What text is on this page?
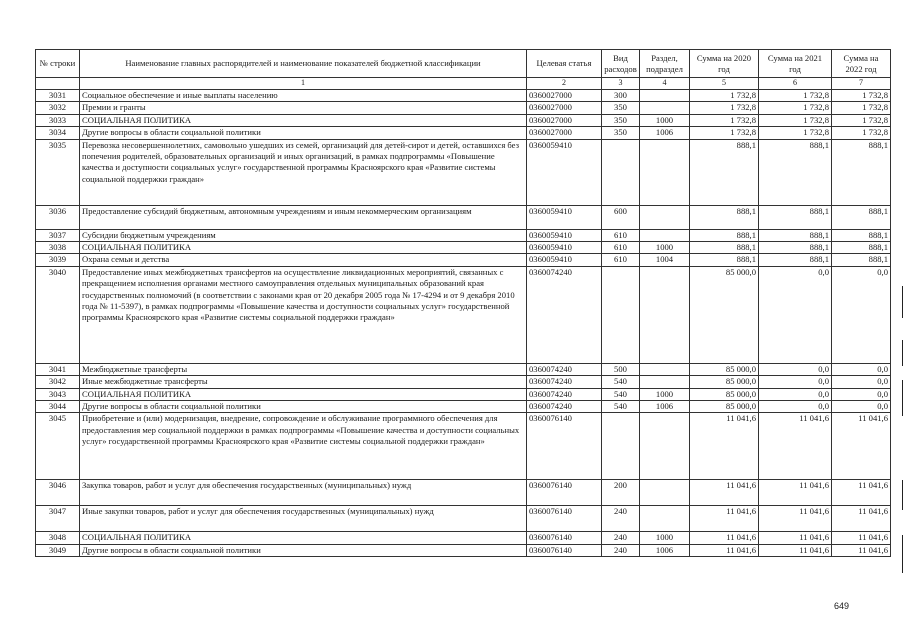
№ строки	Наименование главных распорядителей и наименование показателей бюджетной классификации	Целевая статья	Вид расходов	Раздел, подраздел	Сумма на 2020 год	Сумма на 2021 год	Сумма на 2022 год
	1	2	3	4	5	6	7
3031	Социальное обеспечение и иные выплаты населению	0360027000	300		1 732,8	1 732,8	1 732,8
3032	Премии и гранты	0360027000	350		1 732,8	1 732,8	1 732,8
3033	СОЦИАЛЬНАЯ ПОЛИТИКА	0360027000	350	1000	1 732,8	1 732,8	1 732,8
3034	Другие вопросы в области социальной политики	0360027000	350	1006	1 732,8	1 732,8	1 732,8
3035	Перевозка несовершеннолетних, самовольно ушедших из семей, организаций для детей-сирот и детей, оставшихся без попечения родителей, образовательных организаций и иных организаций, в рамках подпрограммы «Повышение качества и доступности социальных услуг» государственной программы Красноярского края «Развитие системы социальной поддержки граждан»	0360059410			888,1	888,1	888,1
3036	Предоставление субсидий бюджетным, автономным учреждениям и иным некоммерческим организациям	0360059410	600		888,1	888,1	888,1
3037	Субсидии бюджетным учреждениям	0360059410	610		888,1	888,1	888,1
3038	СОЦИАЛЬНАЯ ПОЛИТИКА	0360059410	610	1000	888,1	888,1	888,1
3039	Охрана семьи и детства	0360059410	610	1004	888,1	888,1	888,1
3040	Предоставление иных межбюджетных трансфертов на осуществление ликвидационных мероприятий, связанных с прекращением исполнения органами местного самоуправления отдельных муниципальных образований края государственных полномочий (в соответствии с законами края от 20 декабря 2005 года № 17-4294 и от 9 декабря 2010 года № 11-5397), в рамках подпрограммы «Повышение качества и доступности социальных услуг» государственной программы Красноярского края «Развитие системы социальной поддержки граждан»	0360074240			85 000,0	0,0	0,0
3041	Межбюджетные трансферты	0360074240	500		85 000,0	0,0	0,0
3042	Иные межбюджетные трансферты	0360074240	540		85 000,0	0,0	0,0
3043	СОЦИАЛЬНАЯ ПОЛИТИКА	0360074240	540	1000	85 000,0	0,0	0,0
3044	Другие вопросы в области социальной политики	0360074240	540	1006	85 000,0	0,0	0,0
3045	Приобретение и (или) модернизация, внедрение, сопровождение и обслуживание программного обеспечения для предоставления мер социальной поддержки в рамках подпрограммы «Повышение качества и доступности социальных услуг» государственной программы Красноярского края «Развитие системы социальной поддержки граждан»	0360076140			11 041,6	11 041,6	11 041,6
3046	Закупка товаров, работ и услуг для обеспечения государственных (муниципальных) нужд	0360076140	200		11 041,6	11 041,6	11 041,6
3047	Иные закупки товаров, работ и услуг для обеспечения государственных (муниципальных) нужд	0360076140	240		11 041,6	11 041,6	11 041,6
3048	СОЦИАЛЬНАЯ ПОЛИТИКА	0360076140	240	1000	11 041,6	11 041,6	11 041,6
3049	Другие вопросы в области социальной политики	0360076140	240	1006	11 041,6	11 041,6	11 041,6
649
